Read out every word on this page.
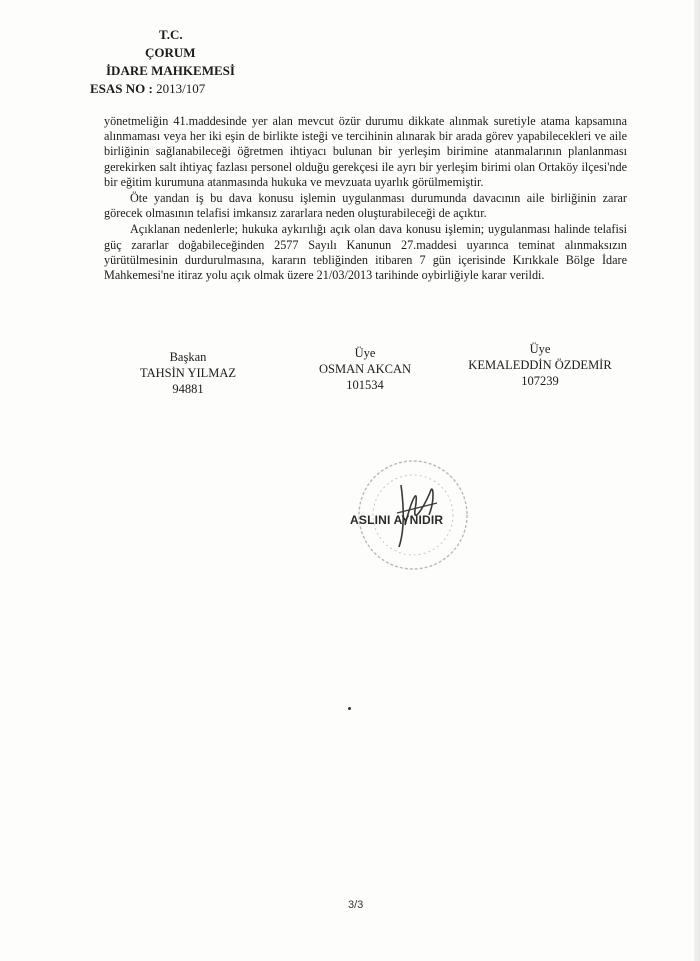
T.C.
ÇORUM
İDARE MAHKEMESİ
ESAS NO : 2013/107

yönetmeliğin 41.maddesinde yer alan mevcut özür durumu dikkate alınmak suretiyle atama kapsamına alınmaması veya her iki eşin de birlikte isteği ve tercihinin alınarak bir arada görev yapabilecekleri ve aile birliğinin sağlanabileceği öğretmen ihtiyacı bulunan bir yerleşim birimine atanmalarının planlanması gerekirken salt ihtiyaç fazlası personel olduğu gerekçesi ile ayrı bir yerleşim birimi olan Ortaköy ilçesi'nde bir eğitim kurumuna atanmasında hukuka ve mevzuata uyarlık görülmemiştir.

Öte yandan iş bu dava konusu işlemin uygulanması durumunda davacının aile birliğinin zarar görecek olmasının telafisi imkansız zararlara neden oluşturabileceği de açıktır.

Açıklanan nedenlerle; hukuka aykırılığı açık olan dava konusu işlemin; uygulanması halinde telafisi güç zararlar doğabileceğinden 2577 Sayılı Kanunun 27.maddesi uyarınca teminat alınmaksızın yürütülmesinin durdurulmasına, kararın tebliğinden itibaren 7 gün içerisinde Kırıkkale Bölge İdare Mahkemesi'ne itiraz yolu açık olmak üzere 21/03/2013 tarihinde oybirliğiyle karar verildi.

Başkan
TAHSİN YILMAZ
94881
Üye
OSMAN AKCAN
101534
Üye
KEMALEDDİN ÖZDEMİR
107239
ASLINI AYNIDIR
3/3
